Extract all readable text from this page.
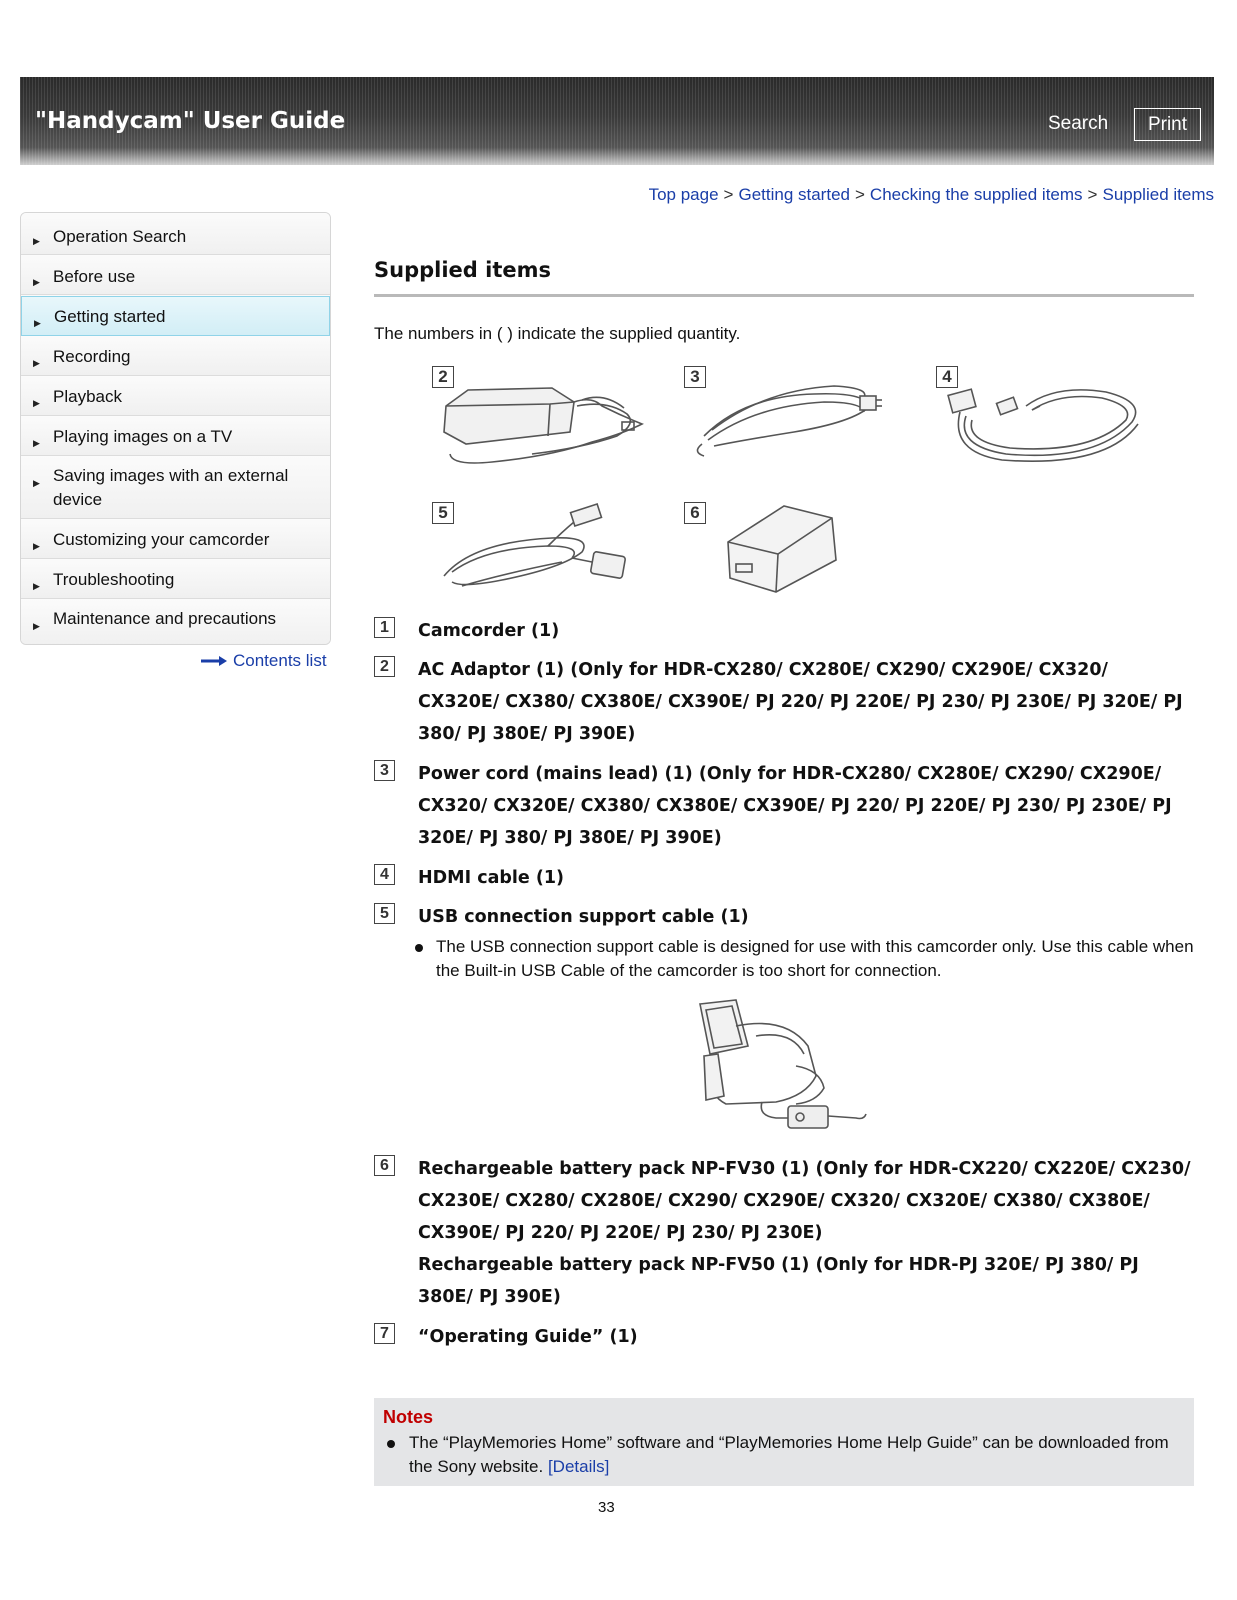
"Handycam" User Guide	Search	Print
Top page > Getting started > Checking the supplied items > Supplied items
▶ Operation Search
▶ Before use
▶ Getting started
▶ Recording
▶ Playback
▶ Playing images on a TV
▶ Saving images with an external device
▶ Customizing your camcorder
▶ Troubleshooting
▶ Maintenance and precautions
Contents list
Supplied items
The numbers in ( ) indicate the supplied quantity.
2	3	4
5	6
1	Camcorder (1)
2	AC Adaptor (1) (Only for HDR-CX280/ CX280E/ CX290/ CX290E/ CX320/ CX320E/ CX380/ CX380E/ CX390E/ PJ 220/ PJ 220E/ PJ 230/ PJ 230E/ PJ 320E/ PJ 380/ PJ 380E/ PJ 390E)
3	Power cord (mains lead) (1) (Only for HDR-CX280/ CX280E/ CX290/ CX290E/ CX320/ CX320E/ CX380/ CX380E/ CX390E/ PJ 220/ PJ 220E/ PJ 230/ PJ 230E/ PJ 320E/ PJ 380/ PJ 380E/ PJ 390E)
4	HDMI cable (1)
5	USB connection support cable (1)
The USB connection support cable is designed for use with this camcorder only. Use this cable when the Built-in USB Cable of the camcorder is too short for connection.
6	Rechargeable battery pack NP-FV30 (1) (Only for HDR-CX220/ CX220E/ CX230/ CX230E/ CX280/ CX280E/ CX290/ CX290E/ CX320/ CX320E/ CX380/ CX380E/ CX390E/ PJ 220/ PJ 220E/ PJ 230/ PJ 230E)
Rechargeable battery pack NP-FV50 (1) (Only for HDR-PJ 320E/ PJ 380/ PJ 380E/ PJ 390E)
7	“Operating Guide” (1)
Notes
The “PlayMemories Home” software and “PlayMemories Home Help Guide” can be downloaded from the Sony website. [Details]
33
